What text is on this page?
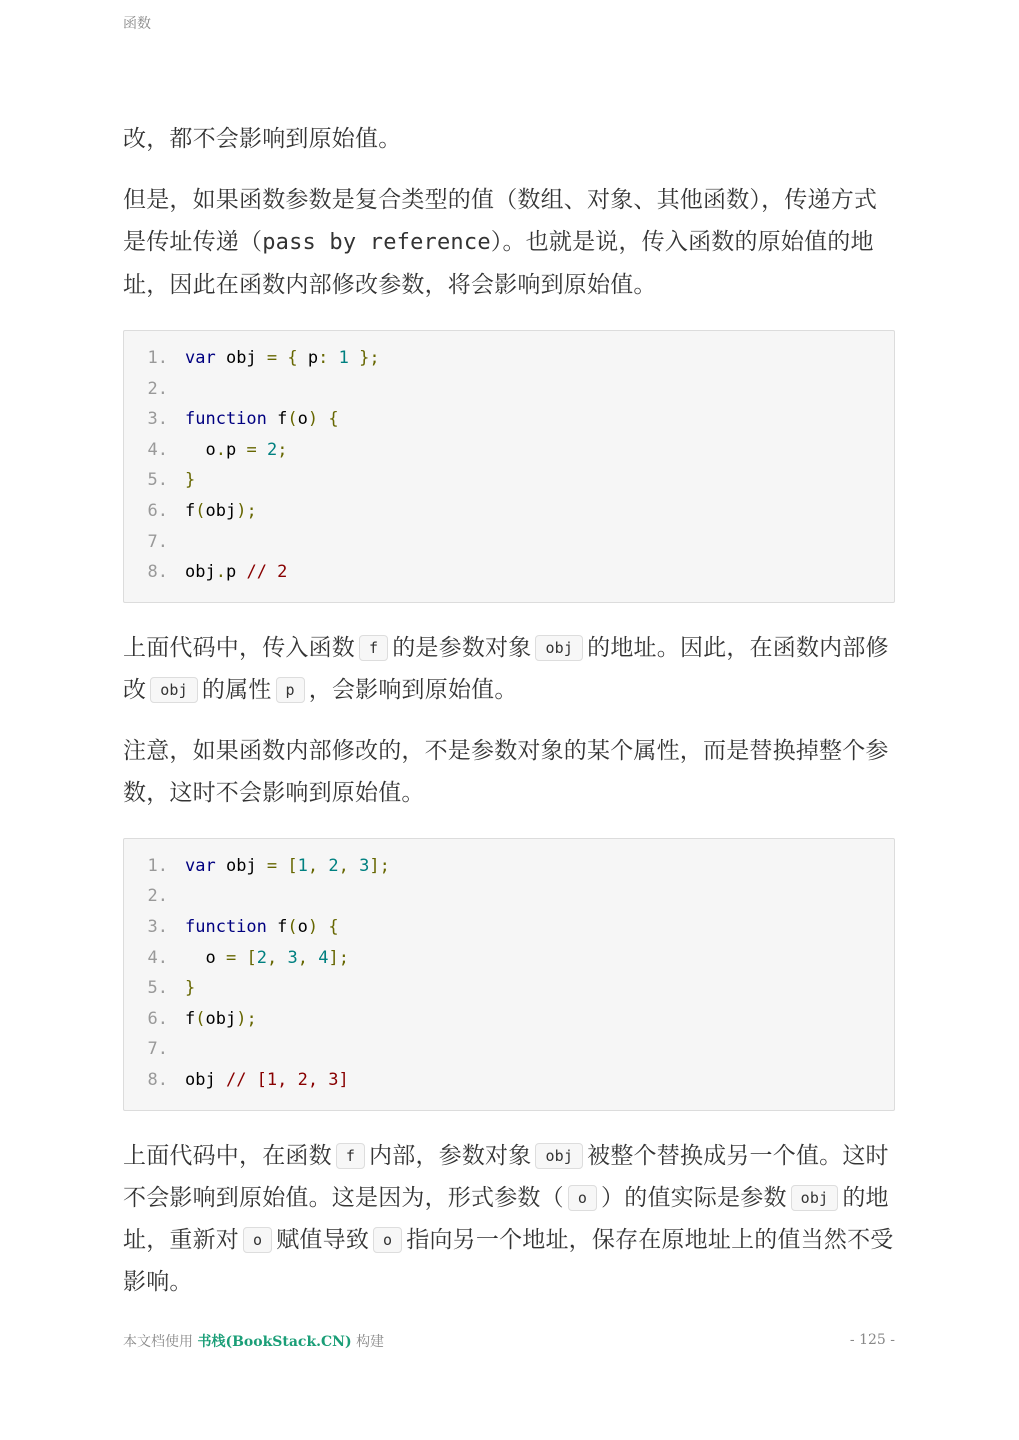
函数

改，都不会影响到原始值。

但是，如果函数参数是复合类型的值（数组、对象、其他函数），传递方式是传址传递（pass by reference）。也就是说，传入函数的原始值的地址，因此在函数内部修改参数，将会影响到原始值。

1.	var obj = { p: 1 };
2.
3.	function f(o) {
4.	o.p = 2;
5.	}
6.	f(obj);
7.
8.	obj.p // 2

上面代码中，传入函数 f 的是参数对象 obj 的地址。因此，在函数内部修改 obj 的属性 p ，会影响到原始值。

注意，如果函数内部修改的，不是参数对象的某个属性，而是替换掉整个参数，这时不会影响到原始值。

1.	var obj = [1, 2, 3];
2.
3.	function f(o) {
4.	o = [2, 3, 4];
5.	}
6.	f(obj);
7.
8.	obj // [1, 2, 3]

上面代码中，在函数 f 内部，参数对象 obj 被整个替换成另一个值。这时不会影响到原始值。这是因为，形式参数（ o ）的值实际是参数 obj 的地址，重新对 o 赋值导致 o 指向另一个地址，保存在原地址上的值当然不受影响。

本文档使用 书栈(BookStack.CN) 构建	- 125 -
